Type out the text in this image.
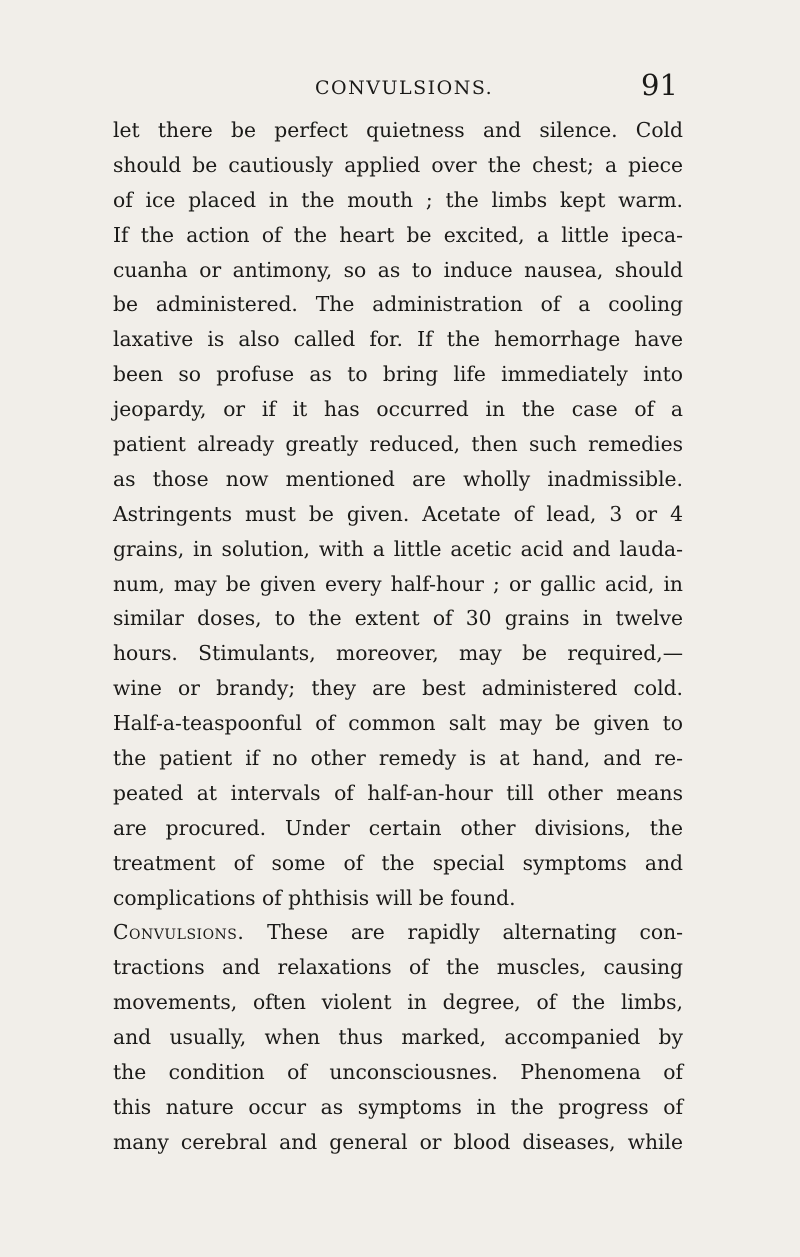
CONVULSIONS.	91
let there be perfect quietness and silence. Cold
should be cautiously applied over the chest; a piece
of ice placed in the mouth ; the limbs kept warm.
If the action of the heart be excited, a little ipeca-
cuanha or antimony, so as to induce nausea, should
be administered. The administration of a cooling
laxative is also called for. If the hemorrhage have
been so profuse as to bring life immediately into
jeopardy, or if it has occurred in the case of a
patient already greatly reduced, then such remedies
as those now mentioned are wholly inadmissible.
Astringents must be given. Acetate of lead, 3 or 4
grains, in solution, with a little acetic acid and lauda-
num, may be given every half-hour ; or gallic acid, in
similar doses, to the extent of 30 grains in twelve
hours. Stimulants, moreover, may be required,—
wine or brandy; they are best administered cold.
Half-a-teaspoonful of common salt may be given to
the patient if no other remedy is at hand, and re-
peated at intervals of half-an-hour till other means
are procured. Under certain other divisions, the
treatment of some of the special symptoms and
complications of phthisis will be found.
Convulsions. These are rapidly alternating con-
tractions and relaxations of the muscles, causing
movements, often violent in degree, of the limbs,
and usually, when thus marked, accompanied by
the condition of unconsciousnes. Phenomena of
this nature occur as symptoms in the progress of
many cerebral and general or blood diseases, while
